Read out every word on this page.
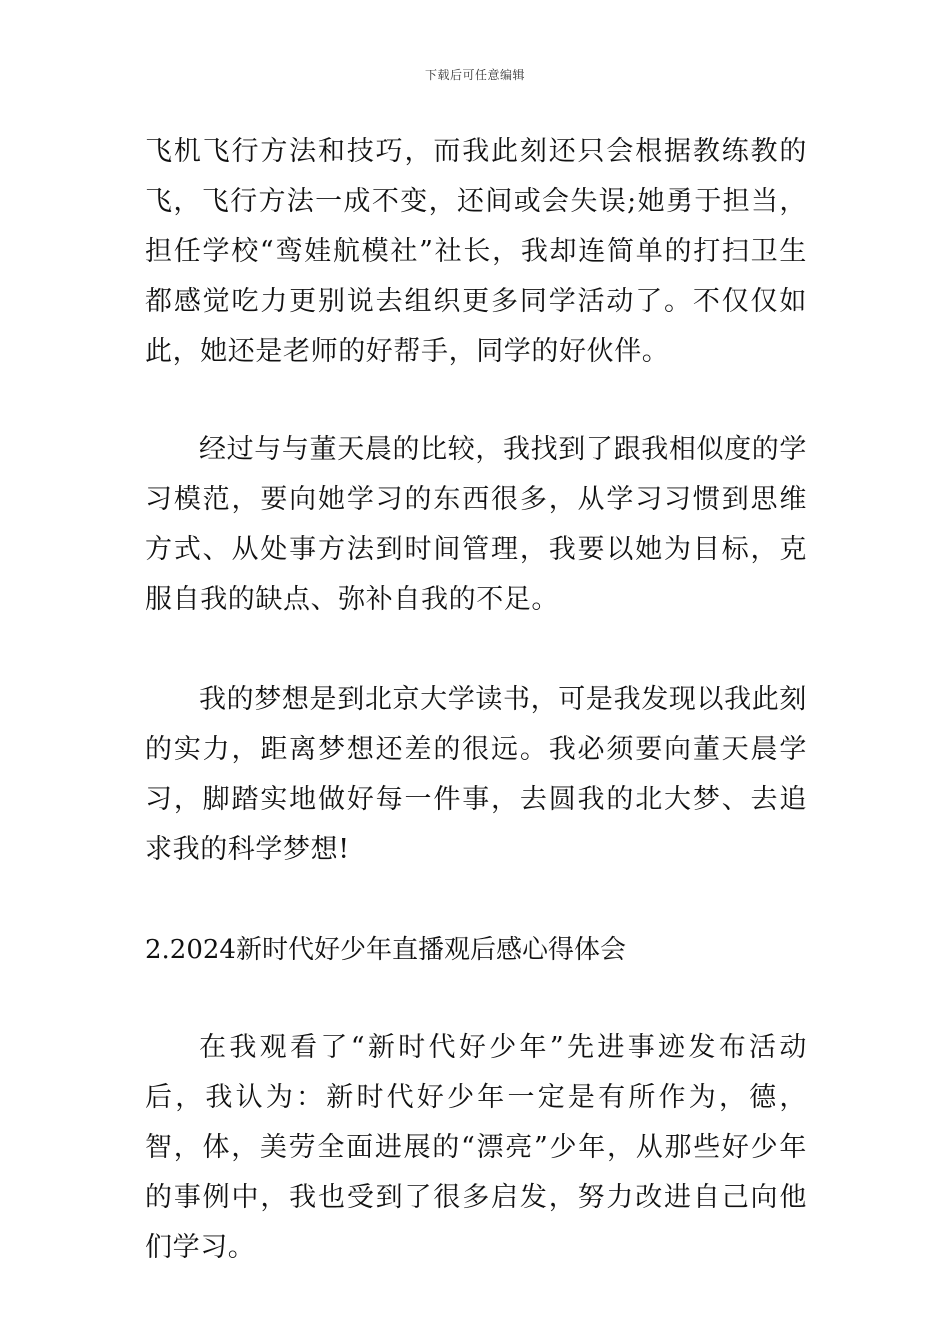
下载后可任意编辑

飞机飞行方法和技巧，而我此刻还只会根据教练教的飞，飞行方法一成不变，还间或会失误;她勇于担当，担任学校“鸾娃航模社”社长，我却连简单的打扫卫生都感觉吃力更别说去组织更多同学活动了。不仅仅如此，她还是老师的好帮手，同学的好伙伴。

经过与与董天晨的比较，我找到了跟我相似度的学习模范，要向她学习的东西很多，从学习习惯到思维方式、从处事方法到时间管理，我要以她为目标，克服自我的缺点、弥补自我的不足。

我的梦想是到北京大学读书，可是我发现以我此刻的实力，距离梦想还差的很远。我必须要向董天晨学习，脚踏实地做好每一件事，去圆我的北大梦、去追求我的科学梦想!

2.2024新时代好少年直播观后感心得体会

在我观看了“新时代好少年”先进事迹发布活动后，我认为：新时代好少年一定是有所作为，德，智，体，美劳全面进展的“漂亮”少年，从那些好少年的事例中，我也受到了很多启发，努力改进自己向他们学习。
